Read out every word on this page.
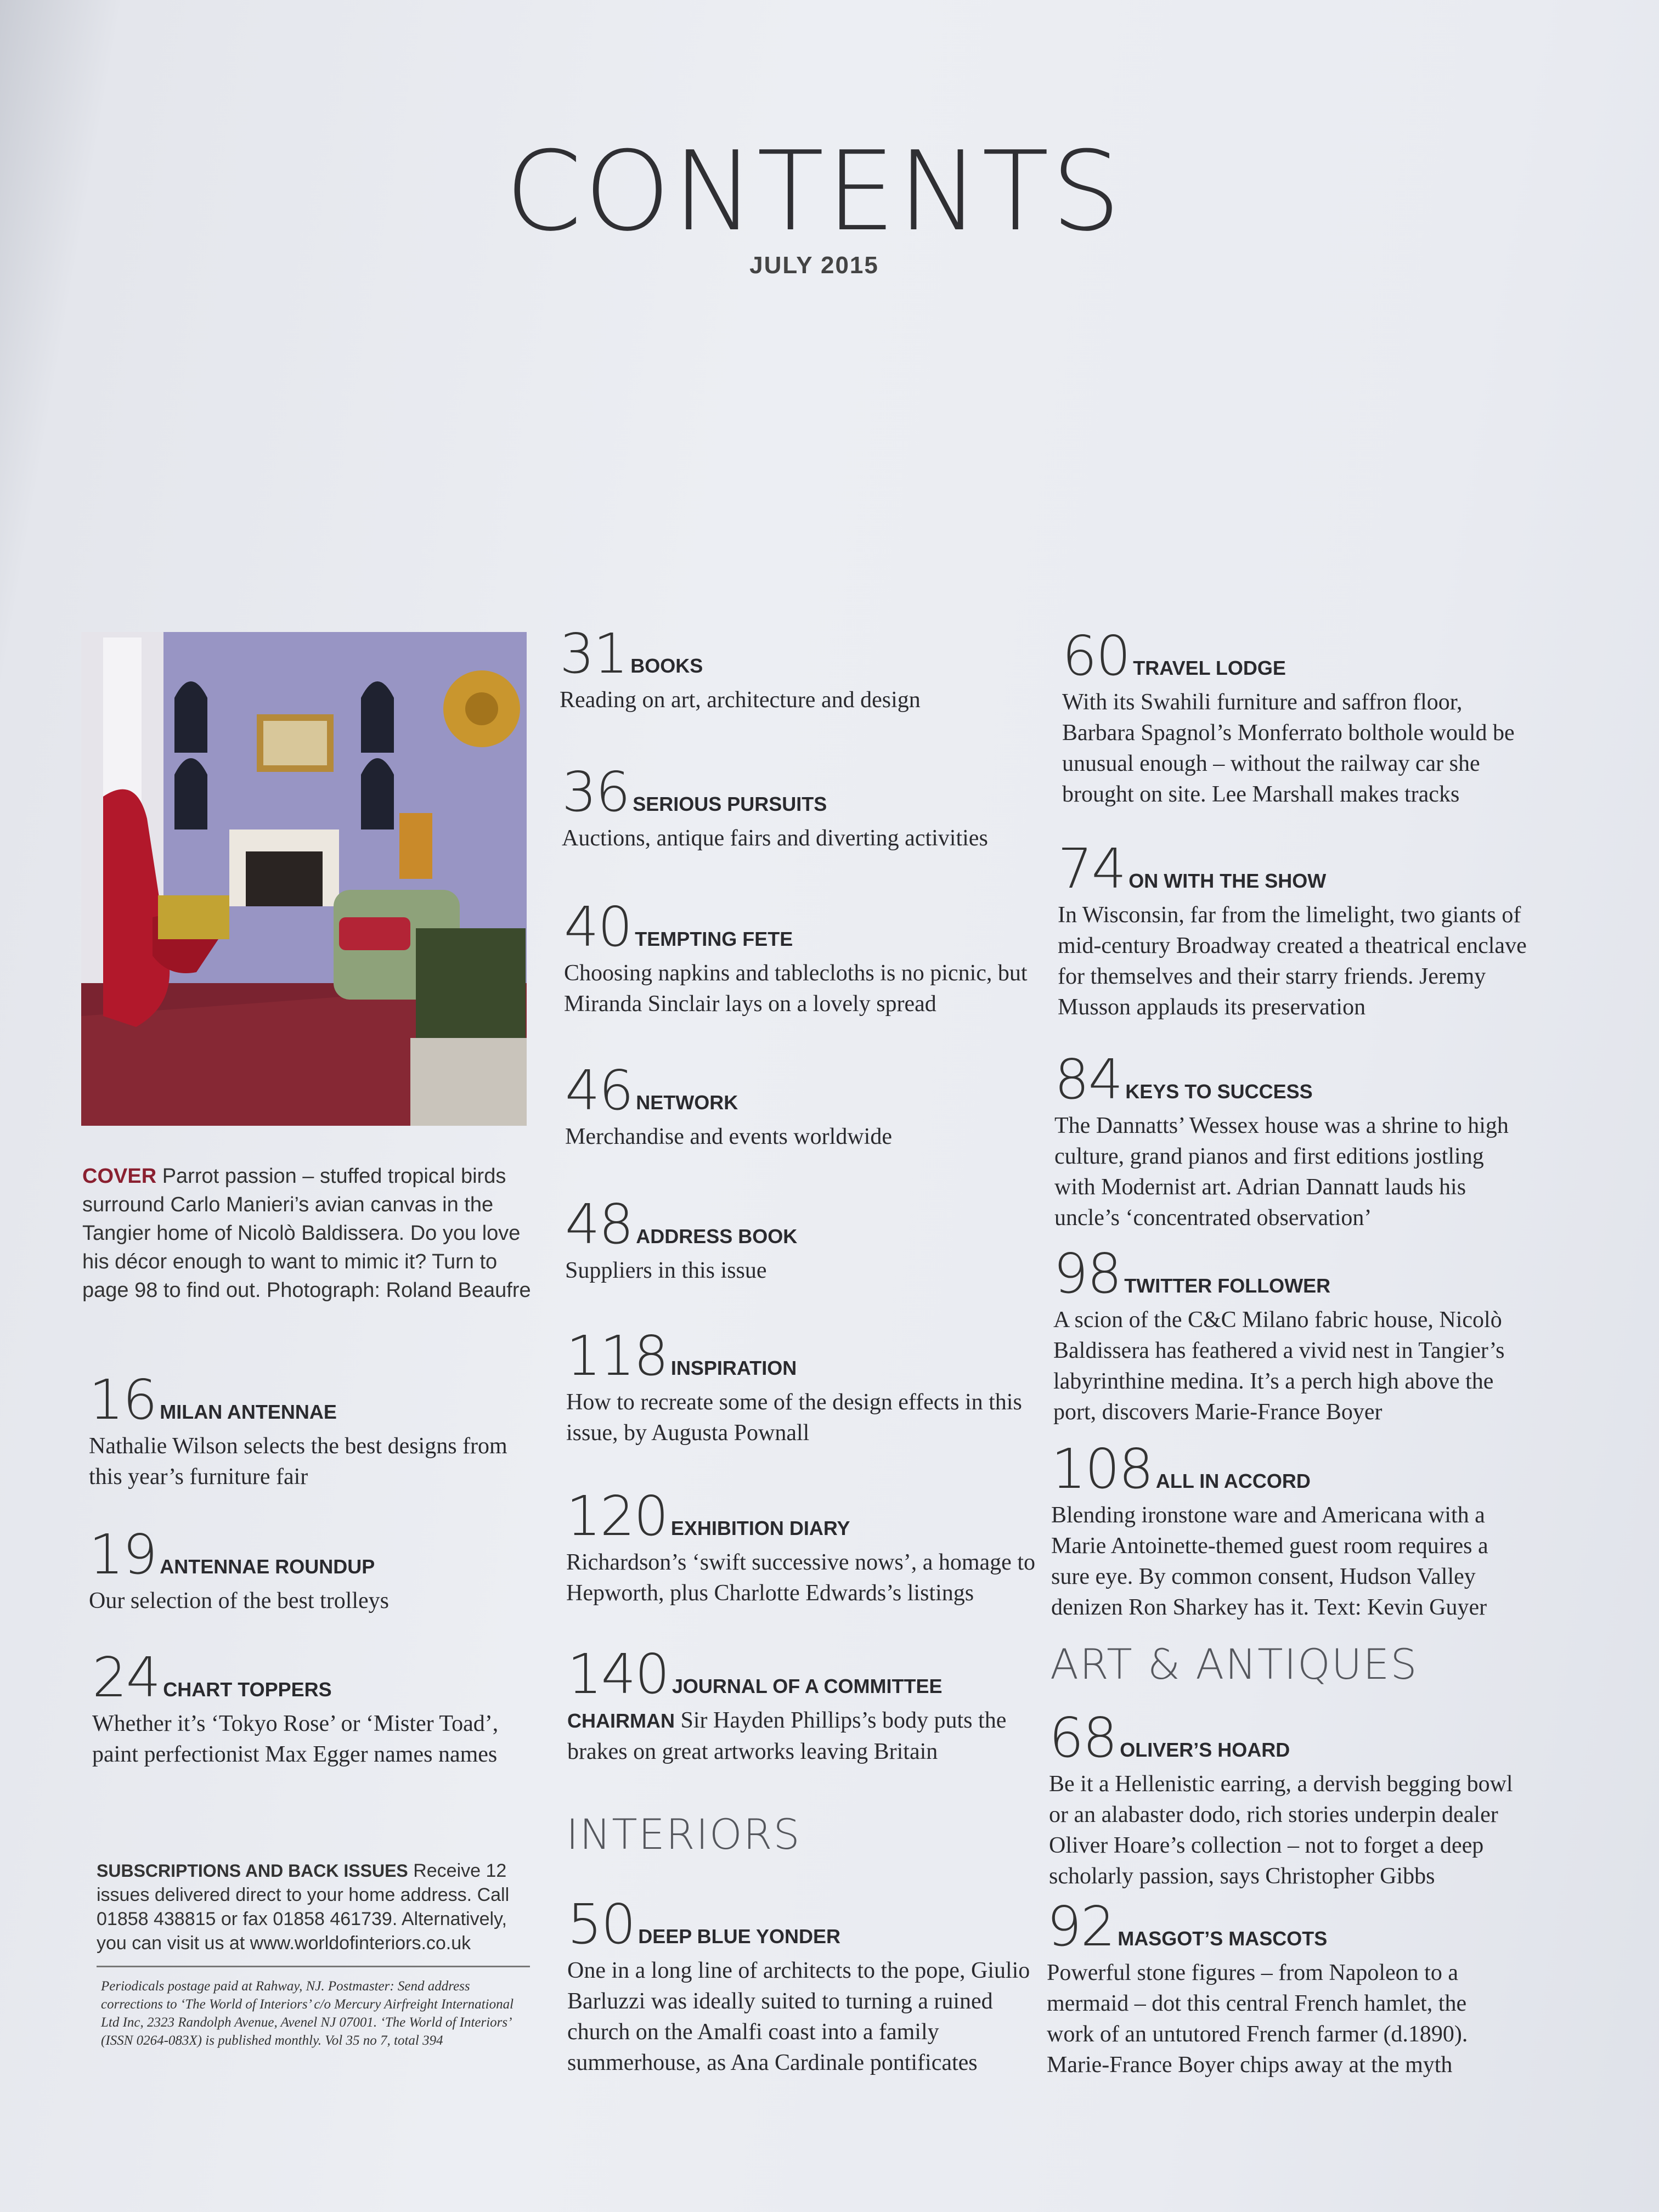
CONTENTS
JULY 2015
COVER Parrot passion – stuffed tropical birds surround Carlo Manieri’s avian canvas in the Tangier home of Nicolò Baldissera. Do you love his décor enough to want to mimic it? Turn to page 98 to find out. Photograph: Roland Beaufre
16 MILAN ANTENNAE
Nathalie Wilson selects the best designs from this year’s furniture fair
19 ANTENNAE ROUNDUP
Our selection of the best trolleys
24 CHART TOPPERS
Whether it’s ‘Tokyo Rose’ or ‘Mister Toad’, paint perfectionist Max Egger names names
SUBSCRIPTIONS AND BACK ISSUES Receive 12 issues delivered direct to your home address. Call 01858 438815 or fax 01858 461739. Alternatively, you can visit us at www.worldofinteriors.co.uk
Periodicals postage paid at Rahway, NJ. Postmaster: Send address corrections to ‘The World of Interiors’ c/o Mercury Airfreight International Ltd Inc, 2323 Randolph Avenue, Avenel NJ 07001. ‘The World of Interiors’ (ISSN 0264-083X) is published monthly. Vol 35 no 7, total 394
31 BOOKS
Reading on art, architecture and design
36 SERIOUS PURSUITS
Auctions, antique fairs and diverting activities
40 TEMPTING FETE
Choosing napkins and tablecloths is no picnic, but Miranda Sinclair lays on a lovely spread
46 NETWORK
Merchandise and events worldwide
48 ADDRESS BOOK
Suppliers in this issue
118 INSPIRATION
How to recreate some of the design effects in this issue, by Augusta Pownall
120 EXHIBITION DIARY
Richardson’s ‘swift successive nows’, a homage to Hepworth, plus Charlotte Edwards’s listings
140 JOURNAL OF A COMMITTEE
CHAIRMAN Sir Hayden Phillips’s body puts the brakes on great artworks leaving Britain
INTERIORS
50 DEEP BLUE YONDER
One in a long line of architects to the pope, Giulio Barluzzi was ideally suited to turning a ruined church on the Amalfi coast into a family summerhouse, as Ana Cardinale pontificates
60 TRAVEL LODGE
With its Swahili furniture and saffron floor, Barbara Spagnol’s Monferrato bolthole would be unusual enough – without the railway car she brought on site. Lee Marshall makes tracks
74 ON WITH THE SHOW
In Wisconsin, far from the limelight, two giants of mid-century Broadway created a theatrical enclave for themselves and their starry friends. Jeremy Musson applauds its preservation
84 KEYS TO SUCCESS
The Dannatts’ Wessex house was a shrine to high culture, grand pianos and first editions jostling with Modernist art. Adrian Dannatt lauds his uncle’s ‘concentrated observation’
98 TWITTER FOLLOWER
A scion of the C&C Milano fabric house, Nicolò Baldissera has feathered a vivid nest in Tangier’s labyrinthine medina. It’s a perch high above the port, discovers Marie-France Boyer
108 ALL IN ACCORD
Blending ironstone ware and Americana with a Marie Antoinette-themed guest room requires a sure eye. By common consent, Hudson Valley denizen Ron Sharkey has it. Text: Kevin Guyer
ART & ANTIQUES
68 OLIVER’S HOARD
Be it a Hellenistic earring, a dervish begging bowl or an alabaster dodo, rich stories underpin dealer Oliver Hoare’s collection – not to forget a deep scholarly passion, says Christopher Gibbs
92 MASGOT’S MASCOTS
Powerful stone figures – from Napoleon to a mermaid – dot this central French hamlet, the work of an untutored French farmer (d.1890). Marie-France Boyer chips away at the myth
